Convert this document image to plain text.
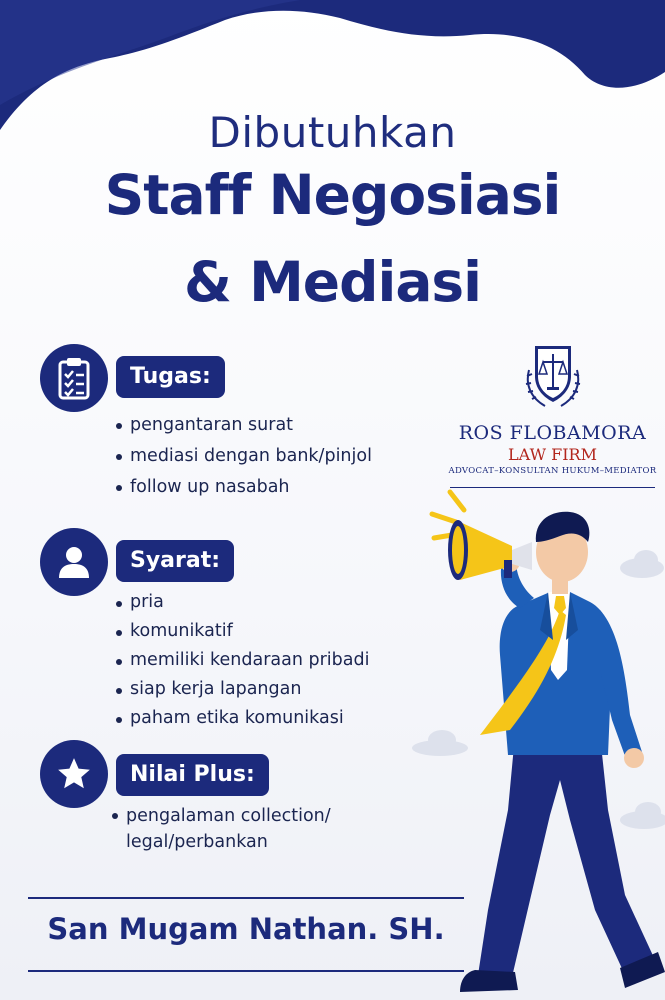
Dibutuhkan
Staff Negosiasi
& Mediasi
Tugas:
pengantaran surat
mediasi dengan bank/pinjol
follow up nasabah
Syarat:
pria
komunikatif
memiliki kendaraan pribadi
siap kerja lapangan
paham etika komunikasi
Nilai Plus:
pengalaman collection/ legal/perbankan
San Mugam Nathan. SH.
ROS FLOBAMORA
LAW FIRM
ADVOCAT–KONSULTAN HUKUM–MEDIATOR
